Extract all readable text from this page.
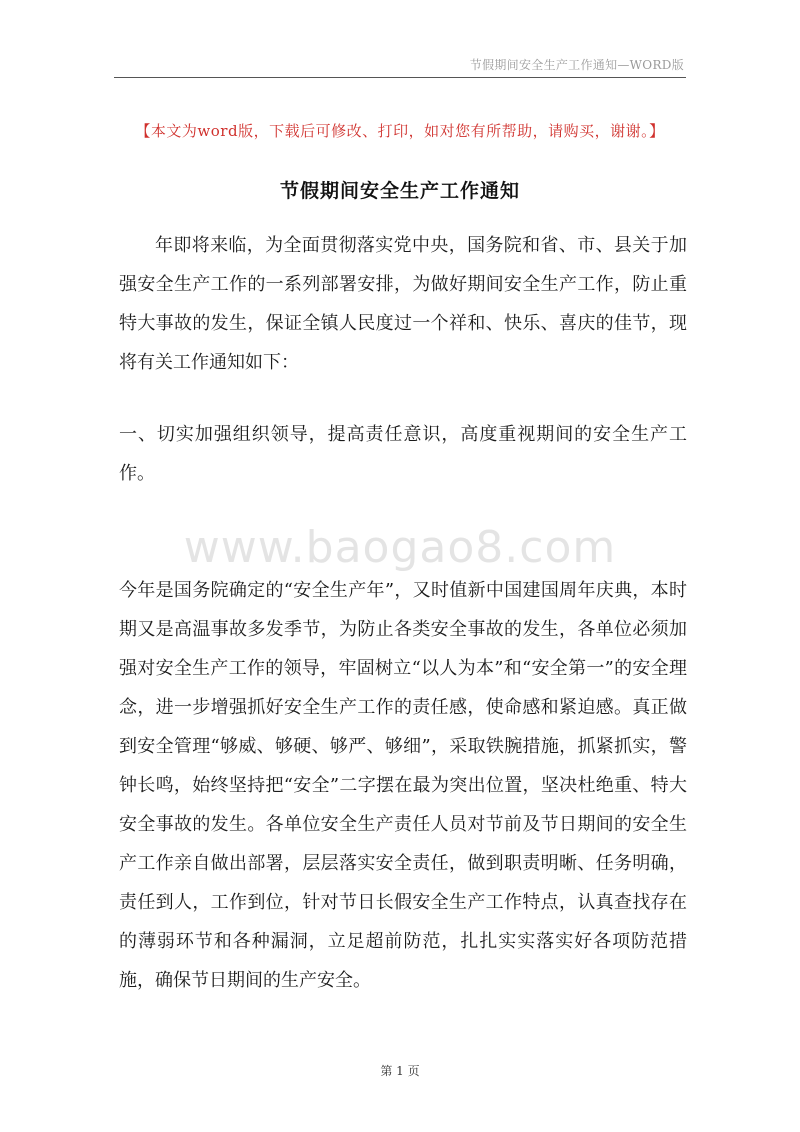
节假期间安全生产工作通知—WORD版
【本文为word版，下载后可修改、打印，如对您有所帮助，请购买，谢谢。】
节假期间安全生产工作通知

年即将来临，为全面贯彻落实党中央，国务院和省、市、县关于加强安全生产工作的一系列部署安排，为做好期间安全生产工作，防止重特大事故的发生，保证全镇人民度过一个祥和、快乐、喜庆的佳节，现将有关工作通知如下：

一、切实加强组织领导，提高责任意识，高度重视期间的安全生产工作。

今年是国务院确定的“安全生产年”，又时值新中国建国周年庆典，本时期又是高温事故多发季节，为防止各类安全事故的发生，各单位必须加强对安全生产工作的领导，牢固树立“以人为本”和“安全第一”的安全理念，进一步增强抓好安全生产工作的责任感，使命感和紧迫感。真正做到安全管理“够威、够硬、够严、够细”，采取铁腕措施，抓紧抓实，警钟长鸣，始终坚持把“安全”二字摆在最为突出位置，坚决杜绝重、特大安全事故的发生。各单位安全生产责任人员对节前及节日期间的安全生产工作亲自做出部署，层层落实安全责任，做到职责明晰、任务明确，责任到人，工作到位，针对节日长假安全生产工作特点，认真查找存在的薄弱环节和各种漏洞，立足超前防范，扎扎实实落实好各项防范措施，确保节日期间的生产安全。

www.baogao8.com
第 1 页
